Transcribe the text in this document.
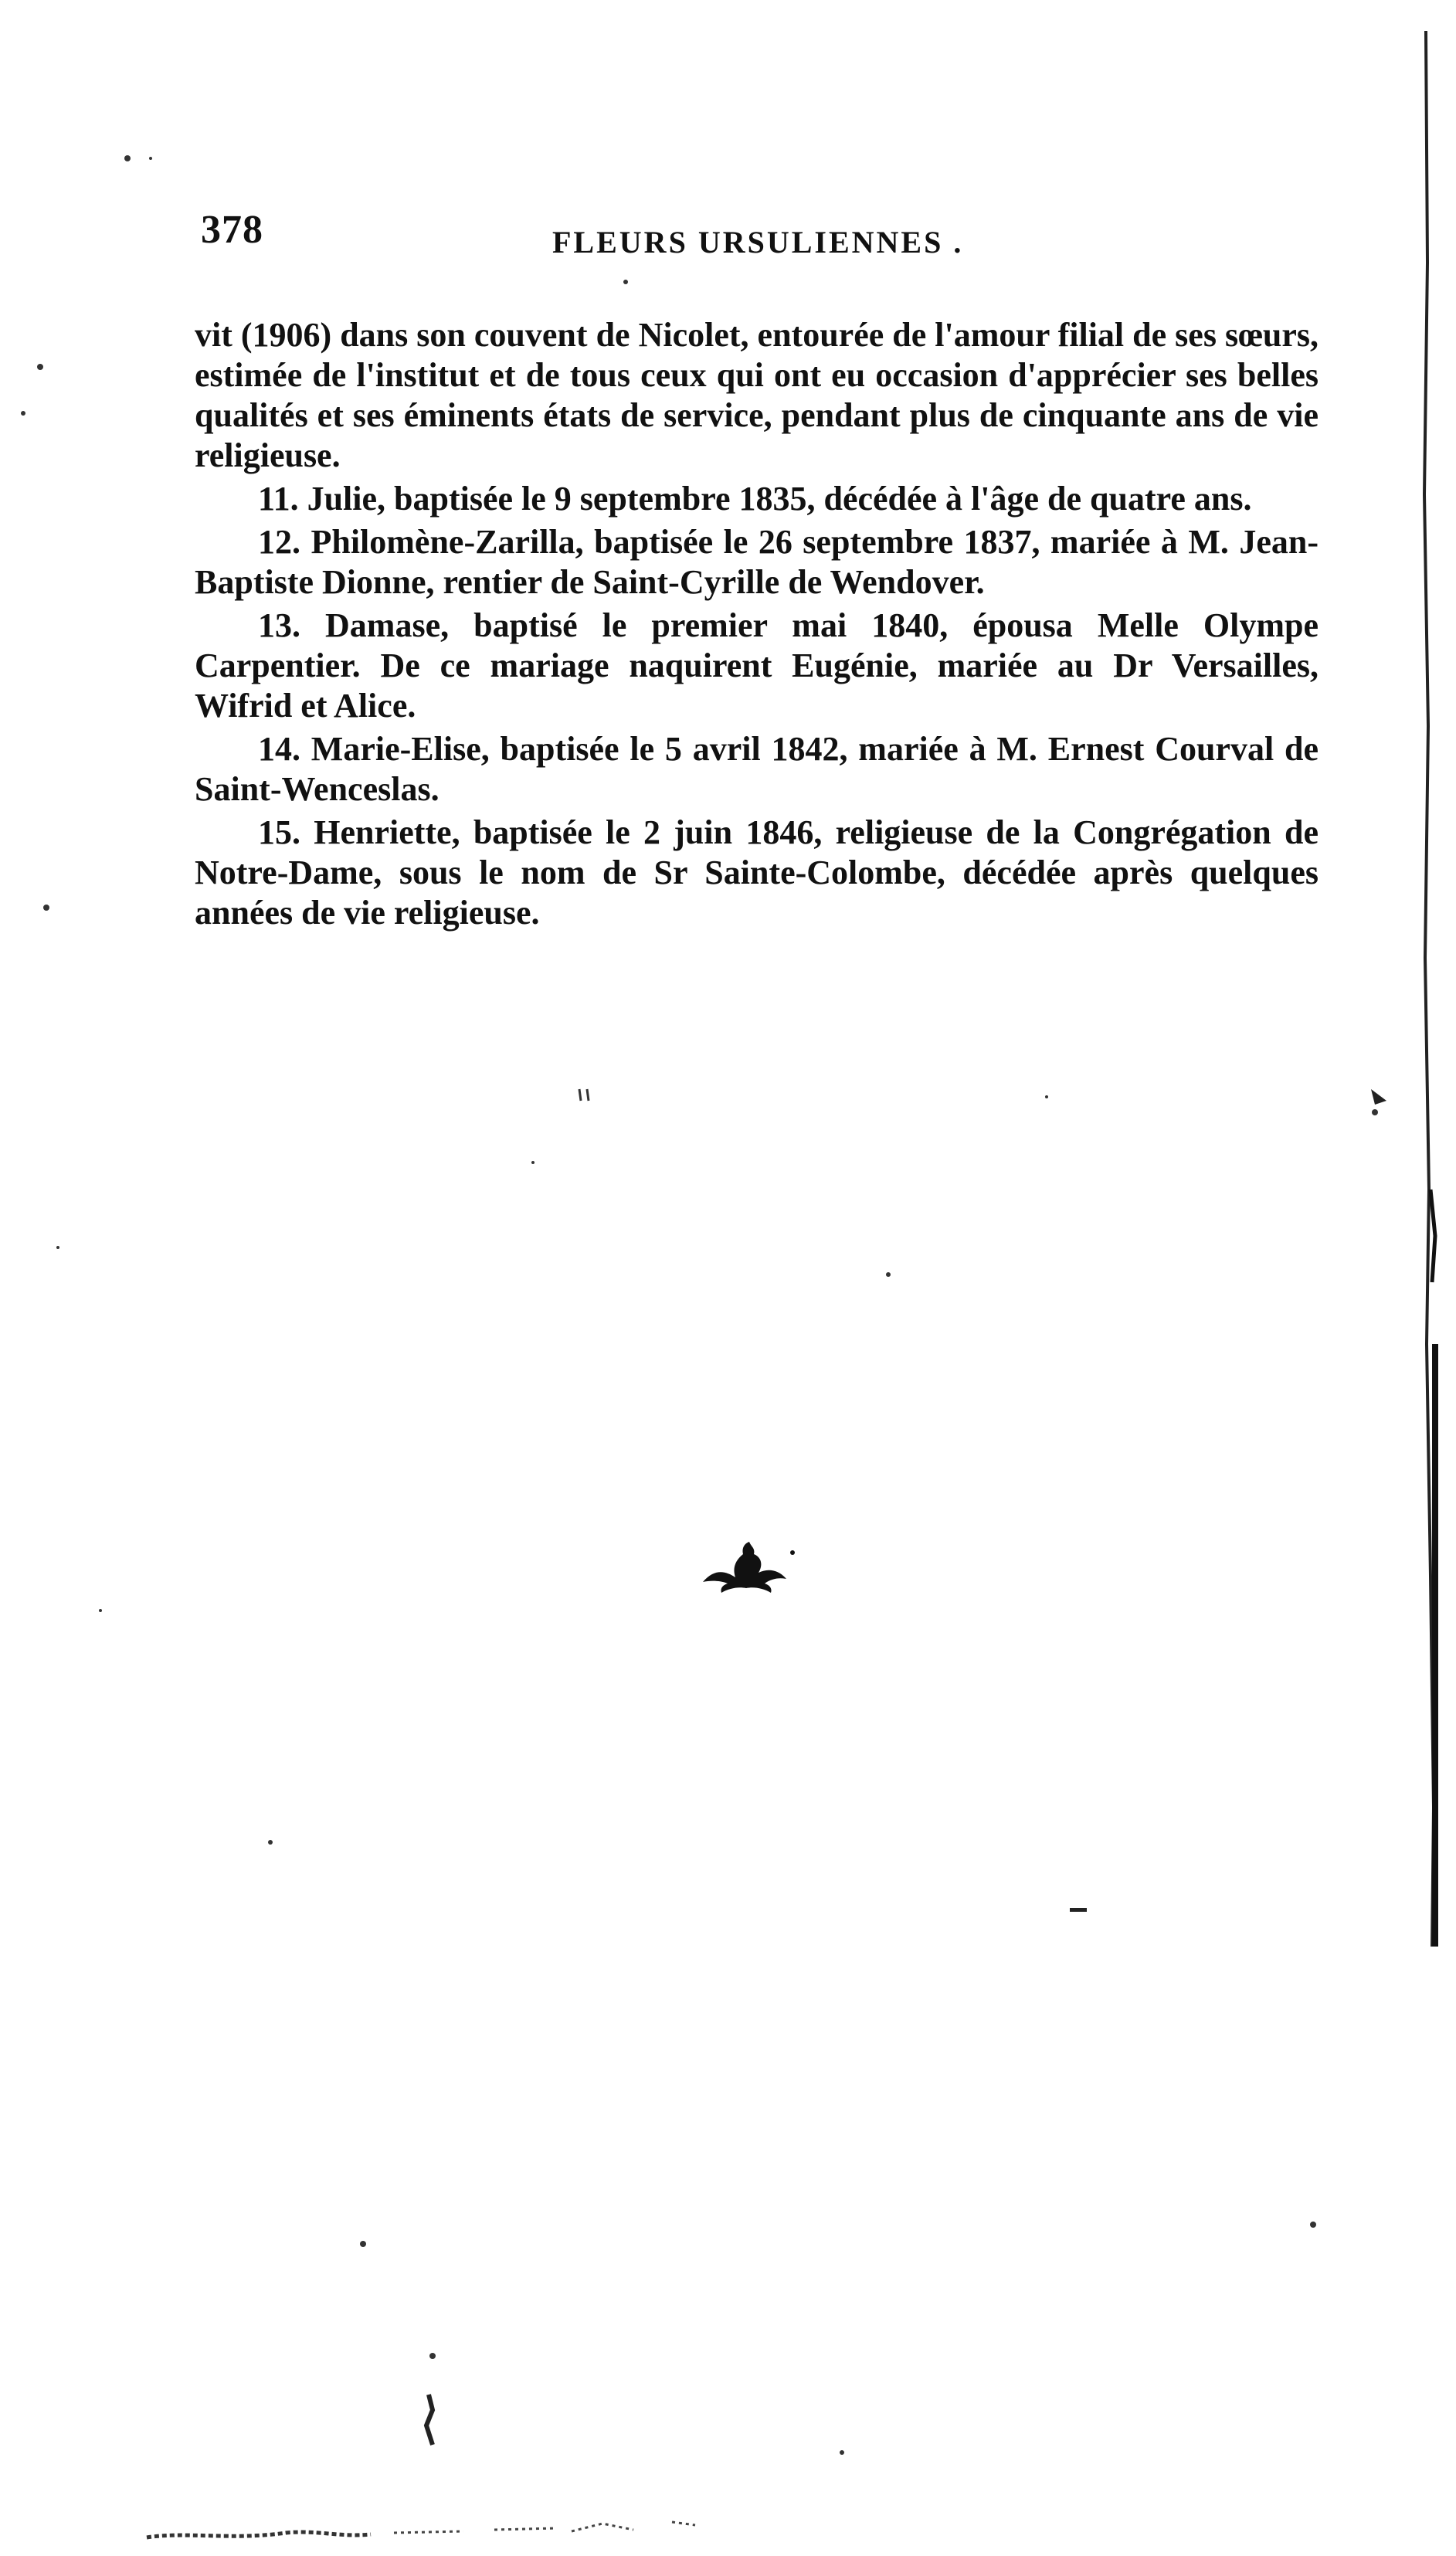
378	FLEURS URSULIENNES .

vit (1906) dans son couvent de Nicolet, entourée de l'amour filial de ses sœurs, estimée de l'institut et de tous ceux qui ont eu occasion d'apprécier ses belles qualités et ses éminents états de service, pendant plus de cinquante ans de vie religieuse.

11. Julie, baptisée le 9 septembre 1835, décédée à l'âge de quatre ans.

12. Philomène-Zarilla, baptisée le 26 septembre 1837, mariée à M. Jean-Baptiste Dionne, rentier de Saint-Cyrille de Wendover.

13. Damase, baptisé le premier mai 1840, épousa Melle Olympe Carpentier. De ce mariage naquirent Eugénie, mariée au Dr Versailles, Wifrid et Alice.

14. Marie-Elise, baptisée le 5 avril 1842, mariée à M. Ernest Courval de Saint-Wenceslas.

15. Henriette, baptisée le 2 juin 1846, religieuse de la Congrégation de Notre-Dame, sous le nom de Sr Sainte-Colombe, décédée après quelques années de vie religieuse.
